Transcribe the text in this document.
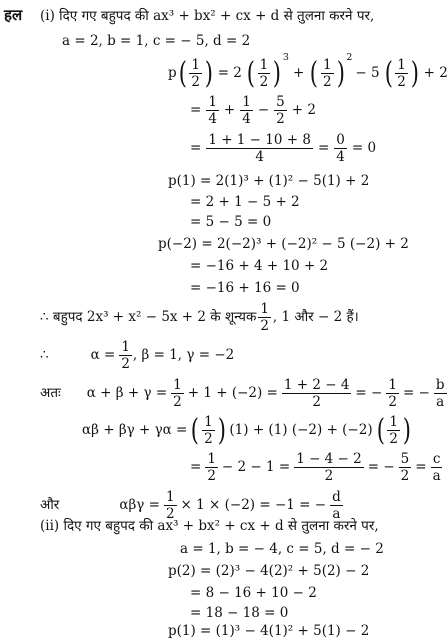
हल (i) दिए गए बहुपद की ax³ + bx² + cx + d से तुलना करने पर,
a = 2, b = 1, c = − 5, d = 2
p ( $\frac{1}{2}$ ) = 2 ( $\frac{1}{2}$ ) 3
+ ( $\frac{1}{2}$ ) 2
− 5 ( $\frac{1}{2}$ ) + 2
= $\frac{1}{4} + \frac{1}{4} - \frac{5}{2} + 2$
= $\frac{1 + 1 - 10 + 8}{4} = \frac{0}{4} = 0$
p(1) = 2(1)³ + (1)² − 5(1) + 2
= 2 + 1 − 5 + 2
= 5 − 5 = 0
p(−2) = 2(−2)³ + (−2)² − 5 (−2) + 2
= −16 + 4 + 10 + 2
= −16 + 16 = 0
∴ बहुपद 2x³ + x² − 5x + 2 के शून्यक $\frac{1}{2}$ , 1 और − 2 हैं।
∴	$\alpha = \frac{1}{2}$ , β = 1, γ = −2
अतः $\alpha + \beta + \gamma = \frac{1}{2} + 1 + (-2) = \frac{1 + 2 - 4}{2}$ = − $\frac{1}{2}$ = − $\frac{b}{a}$
αβ + βγ + γα = ( $\frac{1}{2}$ ) (1) + (1) (−2) + (−2) ( $\frac{1}{2}$ )
= $\frac{1}{2} - 2 - 1 = \frac{1 - 4 - 2}{2}$ = − $\frac{5}{2} = \frac{c}{a}$
और	$\alpha\beta\gamma = \frac{1}{2} \times 1 \times (-2) = -1$ = − $\frac{d}{a}$
(ii) दिए गए बहुपद की ax³ + bx² + cx + d से तुलना करने पर,
a = 1, b = − 4, c = 5, d = − 2
p(2) = (2)³ − 4(2)² + 5(2) − 2
= 8 − 16 + 10 − 2
= 18 − 18 = 0
p(1) = (1)³ − 4(1)² + 5(1) − 2
